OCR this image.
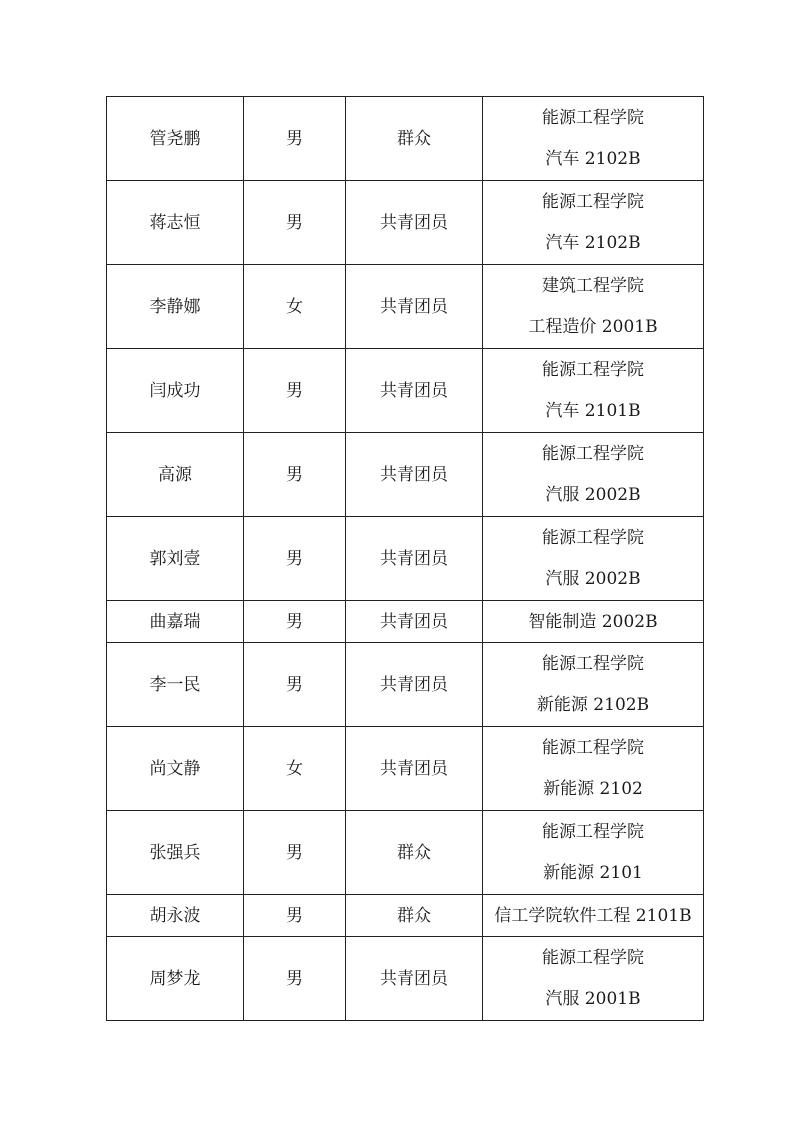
管尧鹏	男	群众	能源工程学院
汽车 2102B

蒋志恒	男	共青团员	能源工程学院
汽车 2102B

李静娜	女	共青团员	建筑工程学院
工程造价 2001B

闫成功	男	共青团员	能源工程学院
汽车 2101B

高源	男	共青团员	能源工程学院
汽服 2002B

郭刘壹	男	共青团员	能源工程学院
汽服 2002B

曲嘉瑞	男	共青团员	智能制造 2002B

李一民	男	共青团员	能源工程学院
新能源 2102B

尚文静	女	共青团员	能源工程学院
新能源 2102

张强兵	男	群众	能源工程学院
新能源 2101

胡永波	男	群众	信工学院软件工程 2101B

周梦龙	男	共青团员	能源工程学院
汽服 2001B
